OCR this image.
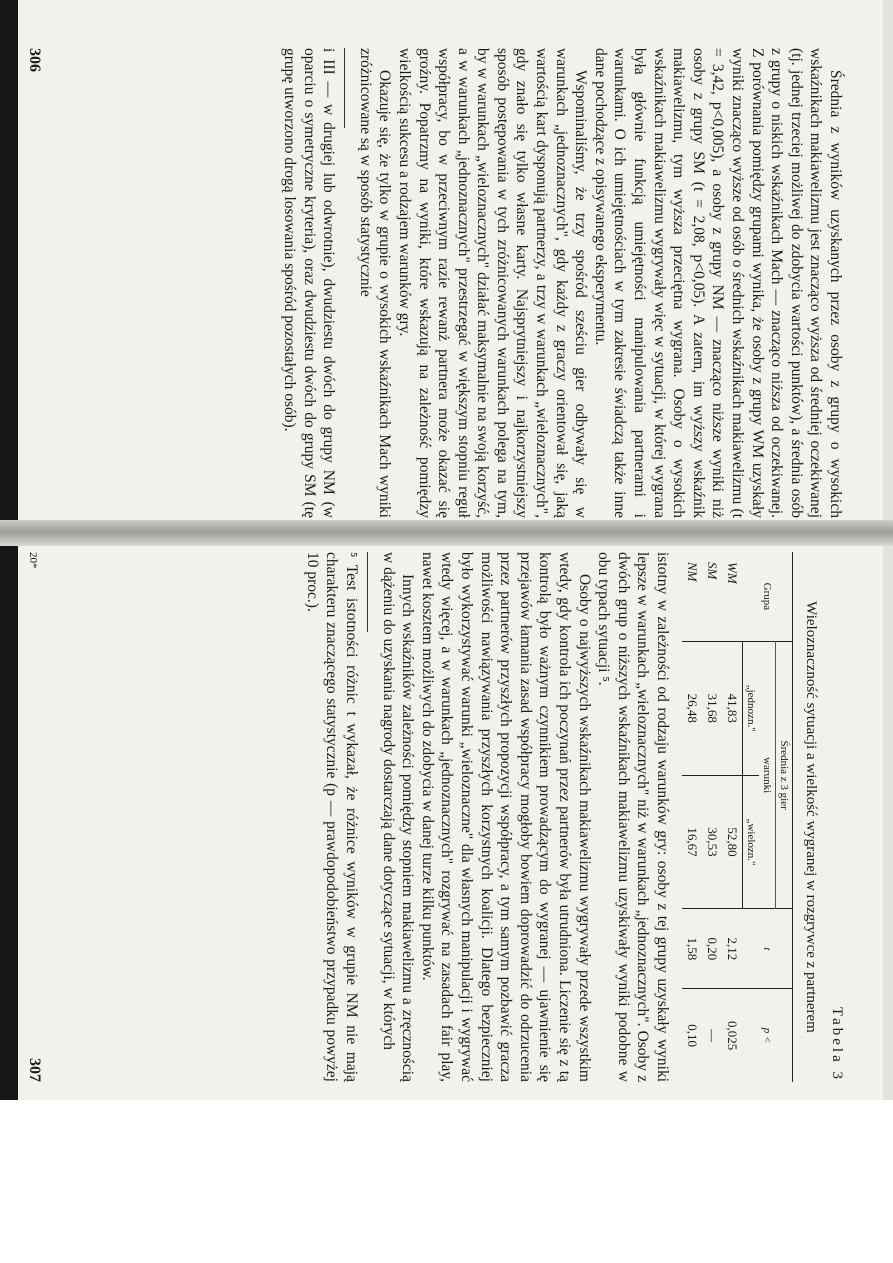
Średnia z wyników uzyskanych przez osoby z grupy o wysokich wskaźnikach makiawelizmu jest znacząco wyższa od średniej oczekiwanej (tj. jednej trzeciej możliwej do zdobycia wartości punktów), a średnia osób z grupy o niskich wskaźnikach Mach — znacząco niższa od oczekiwanej. Z porównania pomiędzy grupami wynika, że osoby z grupy WM uzyskały wyniki znacząco wyższe od osób o średnich wskaźnikach makiawelizmu (t = 3,42, p<0,005), a osoby z grupy NM — znacząco niższe wyniki niż osoby z grupy SM (t = 2,08, p<0,05). A zatem, im wyższy wskaźnik makiawelizmu, tym wyższa przeciętna wygrana. Osoby o wysokich wskaźnikach makiawelizmu wygrywały więc w sytuacji, w której wygrana była głównie funkcją umiejętności manipulowania partnerami i warunkami. O ich umiejętnościach w tym zakresie świadczą także inne dane pochodzące z opisywanego eksperymentu.

Wspominaliśmy, że trzy spośród sześciu gier odbywały się w warunkach „jednoznacznych", gdy każdy z graczy orientował się, jaką wartością kart dysponują partnerzy, a trzy w warunkach „wieloznacznych", gdy znało się tylko własne karty. Najsprytniejszy i najkorzystniejszy sposób postępowania w tych zróżnicowanych warunkach polega na tym, by w warunkach „wieloznacznych" działać maksymalnie na swoją korzyść, a w warunkach „jednoznacznych" przestrzegać w większym stopniu reguł współpracy, bo w przeciwnym razie rewanż partnera może okazać się groźny. Popatrzmy na wyniki, które wskazują na zależność pomiędzy wielkością sukcesu a rodzajem warunków gry.

Okazuje się, że tylko w grupie o wysokich wskaźnikach Mach wyniki zróżnicowane są w sposób statystycznie

i III — w drugiej lub odwrotnie), dwudziestu dwóch do grupy NM (w oparciu o symetryczne kryteria), oraz dwudziestu dwóch do grupy SM (tę grupę utworzono drogą losowania spośród pozostałych osób).

306
Tabela 3
Wieloznaczność sytuacji a wielkość wygranej w rozgrywce z partnerem
Grupa	Średnia z 3 gier		t	p <
	warunki			
	„jednozn."	„wielozn."		
WM	41,83	52,80	2,12	0,025
SM	31,68	30,53	0,20	—
NM	26,48	16,67	1,58	0,10

istotny w zależności od rodzaju warunków gry: osoby z tej grupy uzyskały wyniki lepsze w warunkach „wieloznacznych" niż w warunkach „jednoznacznych". Osoby z dwóch grup o niższych wskaźnikach makiawelizmu uzyskiwały wyniki podobne w obu typach sytuacji ⁵.

Osoby o najwyższych wskaźnikach makiawelizmu wygrywały przede wszystkim wtedy, gdy kontrola ich poczynań przez partnerów była utrudniona. Liczenie się z tą kontrolą było ważnym czynnikiem prowadzącym do wygranej — ujawnienie się przejawów łamania zasad współpracy mogłoby bowiem doprowadzić do odrzucenia przez partnerów przyszłych propozycji współpracy, a tym samym pozbawić gracza możliwości nawiązywania przyszłych korzystnych koalicji. Dlatego bezpieczniej było wykorzystywać warunki „wieloznaczne" dla własnych manipulacji i wygrywać wtedy więcej, a w warunkach „jednoznacznych" rozgrywać na zasadach fair play, nawet kosztem możliwych do zdobycia w danej turze kilku punktów.

Innych wskaźników zależności pomiędzy stopniem makiawelizmu a zręcznością w dążeniu do uzyskania nagrody dostarczają dane dotyczące sytuacji, w których

⁵ Test istotności różnic t wykazał, że różnice wyników w grupie NM nie mają charakteru znaczącego statystycznie (p — prawdopodobieństwo przypadku powyżej 10 proc.).

20*
307
